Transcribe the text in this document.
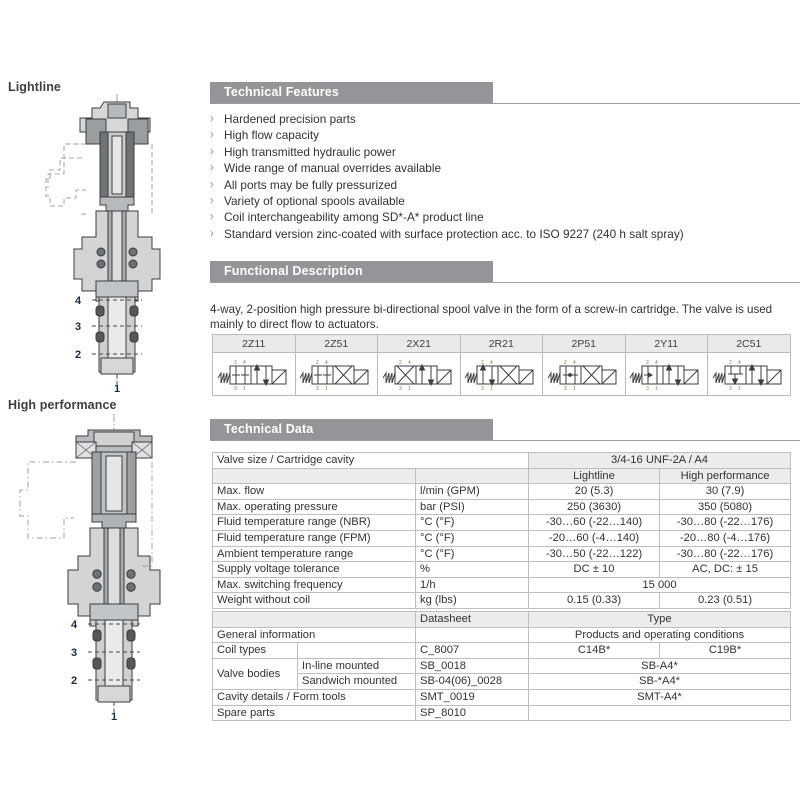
Lightline
4
3
2
1
High performance
4
3
2
1
Technical Features
› Hardened precision parts
› High flow capacity
› High transmitted hydraulic power
› Wide range of manual overrides available
› All ports may be fully pressurized
› Variety of optional spools available
› Coil interchangeability among SD*-A* product line
› Standard version zinc-coated with surface protection acc. to ISO 9227 (240 h salt spray)
Functional Description

4-way, 2-position high pressure bi-directional spool valve in the form of a screw-in cartridge. The valve is used mainly to direct flow to actuators.

2Z11	2Z51	2X21	2R21	2P51	2Y11	2C51

2 4
3 1	2 4
3 1	2 4
3 1	2 4
3 1	2 4
3 1	2 4
3 1	2 4
3 1
Technical Data
Valve size / Cartridge cavity		3/4-16 UNF-2A / A4	
		Lightline	High performance
Max. flow	l/min (GPM)	20 (5.3)	30 (7.9)
Max. operating pressure	bar (PSI)	250 (3630)	350 (5080)
Fluid temperature range (NBR)	°C (°F)	-30…60 (-22…140)	-30…80 (-22…176)
Fluid temperature range (FPM)	°C (°F)	-20…60 (-4…140)	-20…80 (-4…176)
Ambient temperature range	°C (°F)	-30…50 (-22…122)	-30…80 (-22…176)
Supply voltage tolerance	%	DC ± 10	AC, DC: ± 15
Max. switching frequency	1/h	15 000	
Weight without coil	kg (lbs)	0.15 (0.33)	0.23 (0.51)
		Datasheet	Type	
General information			Products and operating conditions	
Coil types		C_8007	C14B*	C19B*
Valve bodies	In-line mounted	SB_0018	SB-A4*	
	Sandwich mounted	SB-04(06)_0028	SB-*A4*	
Cavity details / Form tools		SMT_0019	SMT-A4*	
Spare parts		SP_8010		
